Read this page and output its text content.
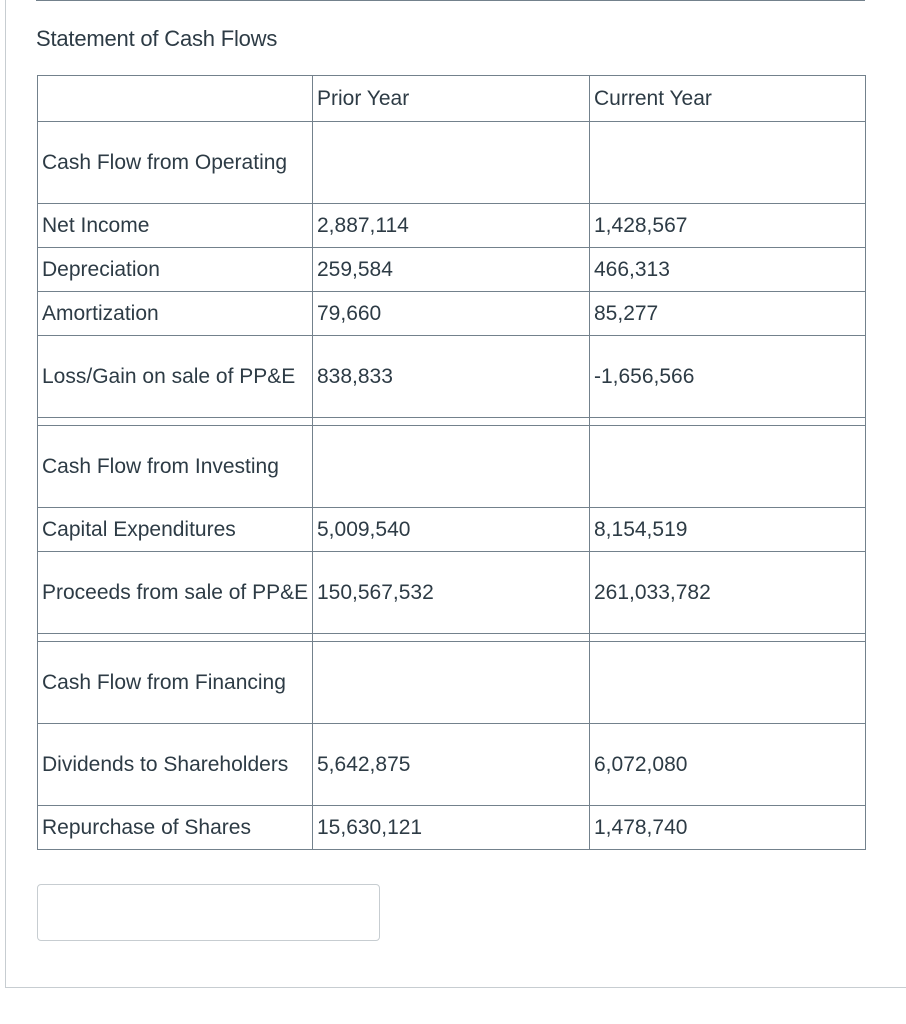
Statement of Cash Flows
	Prior Year	Current Year
Cash Flow from Operating		
Net Income	2,887,114	1,428,567
Depreciation	259,584	466,313
Amortization	79,660	85,277
Loss/Gain on sale of PP&E	838,833	-1,656,566

Cash Flow from Investing		
Capital Expenditures	5,009,540	8,154,519
Proceeds from sale of PP&E	150,567,532	261,033,782

Cash Flow from Financing		
Dividends to Shareholders	5,642,875	6,072,080
Repurchase of Shares	15,630,121	1,478,740
